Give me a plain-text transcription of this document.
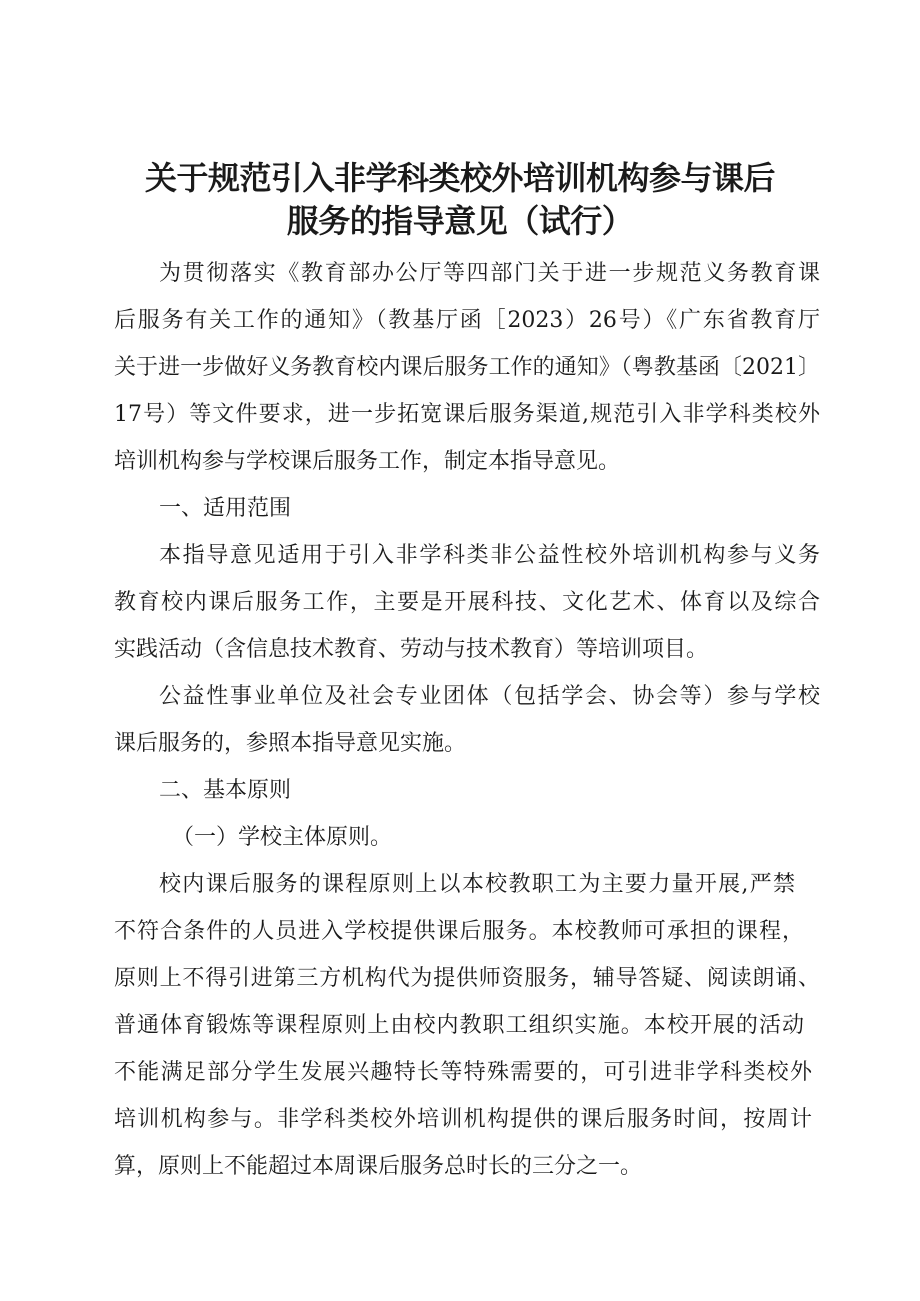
关于规范引入非学科类校外培训机构参与课后
服务的指导意见（试行）
为贯彻落实《教育部办公厅等四部门关于进一步规范义务教育课
后服务有关工作的通知》（教基厅函［2023）26号）《广东省教育厅
关于进一步做好义务教育校内课后服务工作的通知》（粤教基函〔2021〕
17号）等文件要求，进一步拓宽课后服务渠道,规范引入非学科类校外
培训机构参与学校课后服务工作，制定本指导意见。
一、适用范围
本指导意见适用于引入非学科类非公益性校外培训机构参与义务
教育校内课后服务工作，主要是开展科技、文化艺术、体育以及综合
实践活动（含信息技术教育、劳动与技术教育）等培训项目。
公益性事业单位及社会专业团体（包括学会、协会等）参与学校
课后服务的，参照本指导意见实施。
二、基本原则
（一）学校主体原则。
校内课后服务的课程原则上以本校教职工为主要力量开展,严禁
不符合条件的人员进入学校提供课后服务。本校教师可承担的课程，
原则上不得引进第三方机构代为提供师资服务，辅导答疑、阅读朗诵、
普通体育锻炼等课程原则上由校内教职工组织实施。本校开展的活动
不能满足部分学生发展兴趣特长等特殊需要的，可引进非学科类校外
培训机构参与。非学科类校外培训机构提供的课后服务时间，按周计
算，原则上不能超过本周课后服务总时长的三分之一。
